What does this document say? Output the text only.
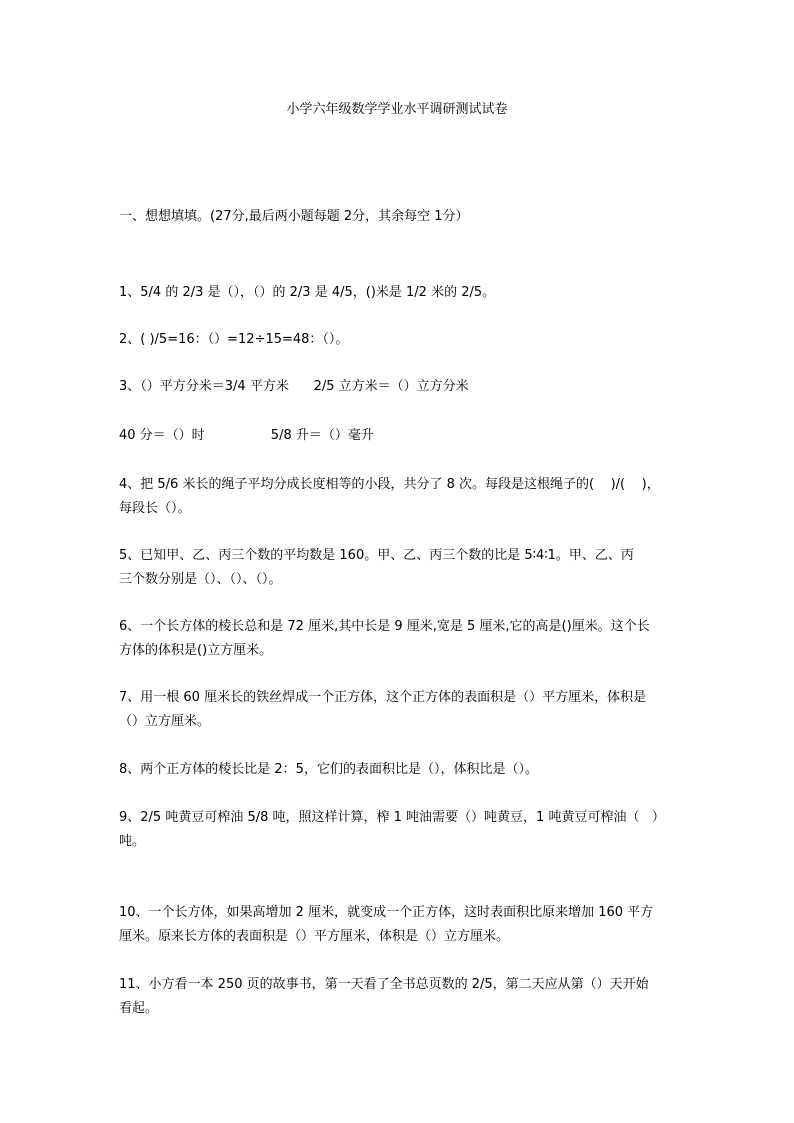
小学六年级数学学业水平调研测试试卷
一、想想填填。(27分,最后两小题每题 2分，其余每空 1分）
1、5/4 的 2/3 是（），（）的 2/3 是 4/5，()米是 1/2 米的 2/5。
2、( )/5=16：（）=12÷15=48：（）。
3、（）平方分米＝3/4 平方米      2/5 立方米＝（）立方分米
40 分＝（）时                5/8 升＝（）毫升
4、把 5/6 米长的绳子平均分成长度相等的小段，共分了 8 次。每段是这根绳子的(    )/(    )，
每段长（）。
5、已知甲、乙、丙三个数的平均数是 160。甲、乙、丙三个数的比是 5∶4∶1。甲、乙、丙
三个数分别是（）、（）、（）。
6、一个长方体的棱长总和是 72 厘米,其中长是 9 厘米,宽是 5 厘米,它的高是()厘米。这个长
方体的体积是()立方厘米。
7、用一根 60 厘米长的铁丝焊成一个正方体，这个正方体的表面积是（）平方厘米，体积是
（）立方厘米。
8、两个正方体的棱长比是 2：5，它们的表面积比是（），体积比是（）。
9、2/5 吨黄豆可榨油 5/8 吨，照这样计算，榨 1 吨油需要（）吨黄豆，1 吨黄豆可榨油（   ）
吨。
10、一个长方体，如果高增加 2 厘米，就变成一个正方体，这时表面积比原来增加 160 平方
厘米。原来长方体的表面积是（）平方厘米，体积是（）立方厘米。
11、小方看一本 250 页的故事书，第一天看了全书总页数的 2/5，第二天应从第（）天开始
看起。
